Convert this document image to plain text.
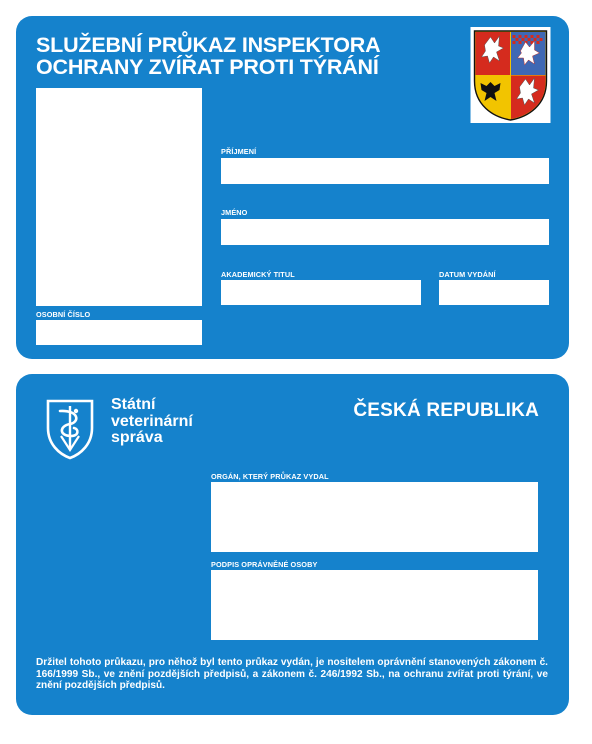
SLUŽEBNÍ PRŮKAZ INSPEKTORA
OCHRANY ZVÍŘAT PROTI TÝRÁNÍ
PŘÍJMENÍ
JMÉNO
AKADEMICKÝ TITUL	DATUM VYDÁNÍ
OSOBNÍ ČÍSLO
Státní
veterinární
správa
ČESKÁ REPUBLIKA
ORGÁN, KTERÝ PRŮKAZ VYDAL
PODPIS OPRÁVNĚNÉ OSOBY
Držitel tohoto průkazu, pro něhož byl tento průkaz vydán, je nositelem oprávnění stanovených zákonem č. 166/1999 Sb., ve znění pozdějších předpisů, a zákonem č. 246/1992 Sb., na ochranu zvířat proti týrání, ve znění pozdějších předpisů.
